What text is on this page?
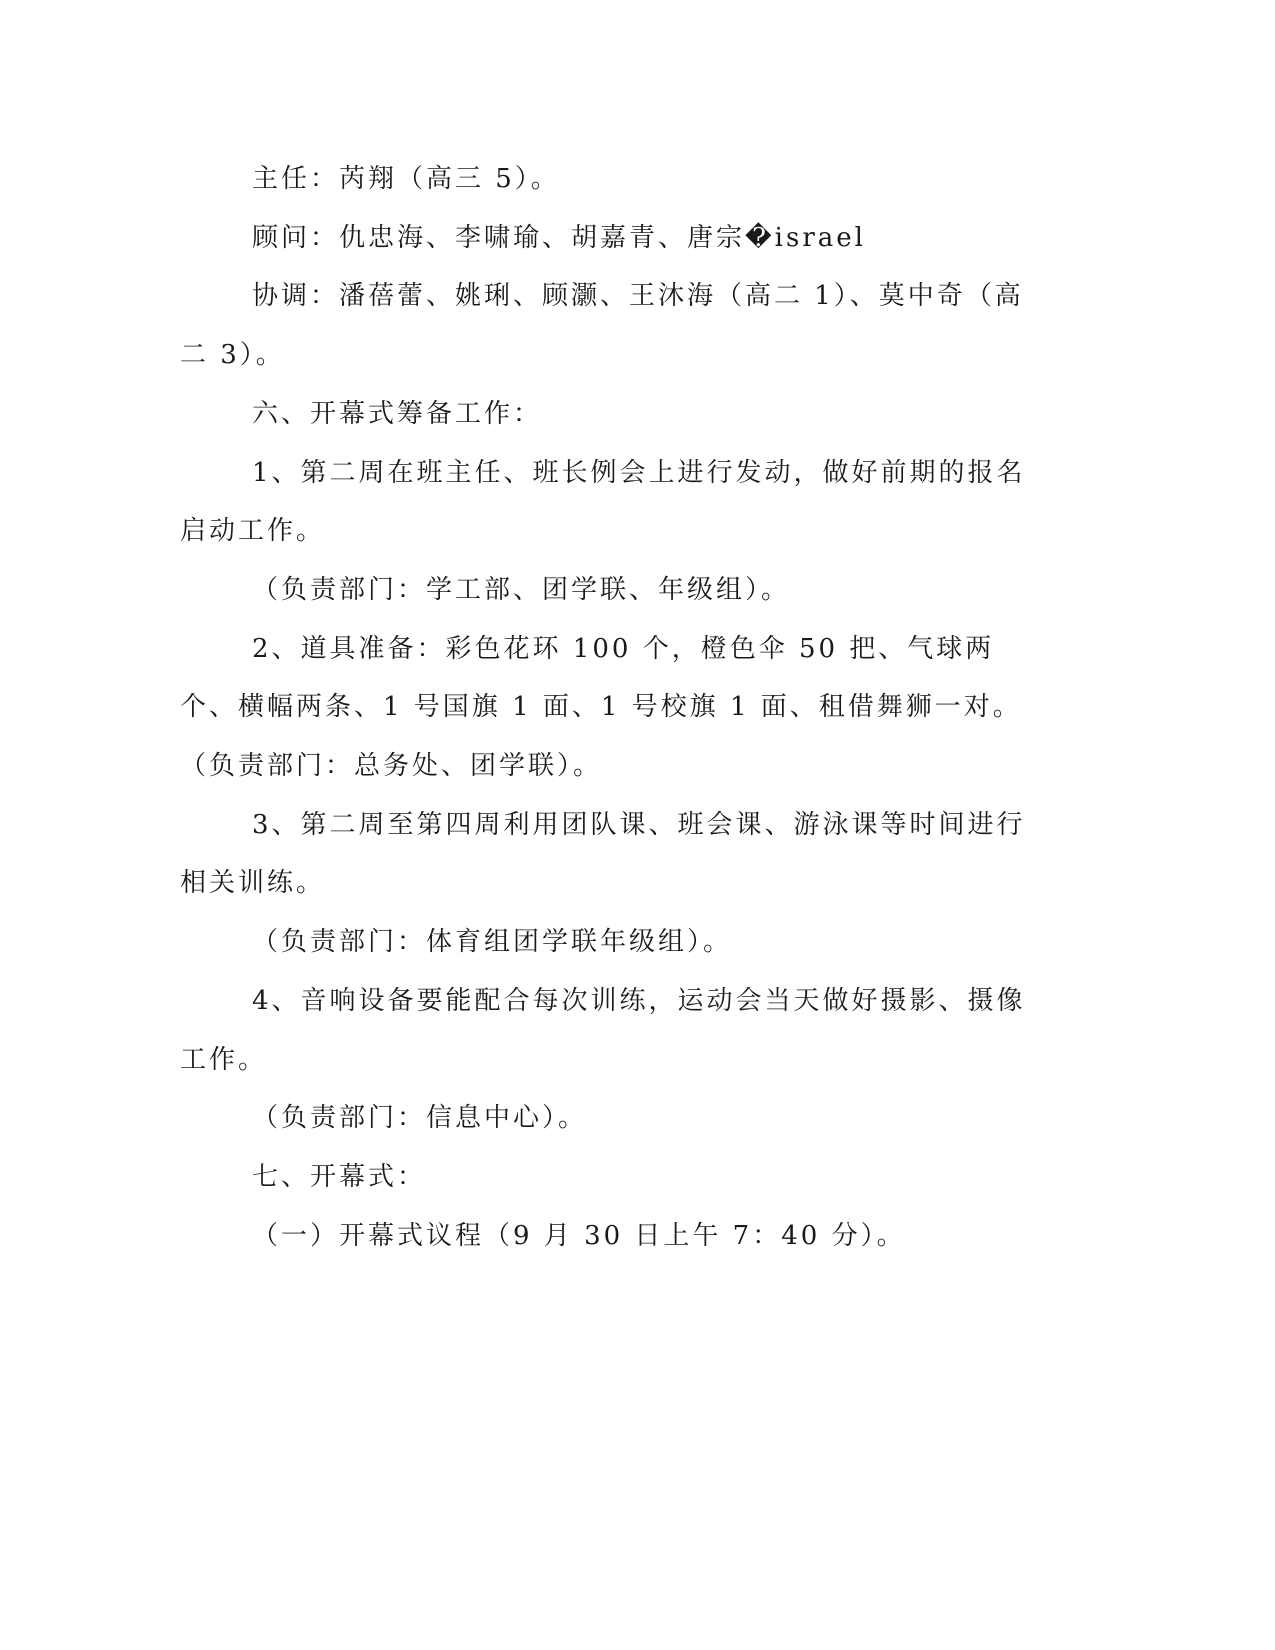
主任：芮翔（高三 5）。

顾问：仇忠海、李啸瑜、胡嘉青、唐宗�israel

协调：潘蓓蕾、姚琍、顾灏、王沐海（高二 1）、莫中奇（高二 3）。

六、开幕式筹备工作：

1、第二周在班主任、班长例会上进行发动，做好前期的报名启动工作。

（负责部门：学工部、团学联、年级组）。

2、道具准备：彩色花环 100 个，橙色伞 50 把、气球两个、横幅两条、1 号国旗 1 面、1 号校旗 1 面、租借舞狮一对。（负责部门：总务处、团学联）。

3、第二周至第四周利用团队课、班会课、游泳课等时间进行相关训练。

（负责部门：体育组团学联年级组）。

4、音响设备要能配合每次训练，运动会当天做好摄影、摄像工作。

（负责部门：信息中心）。

七、开幕式：

（一）开幕式议程（9 月 30 日上午 7：40 分）。
